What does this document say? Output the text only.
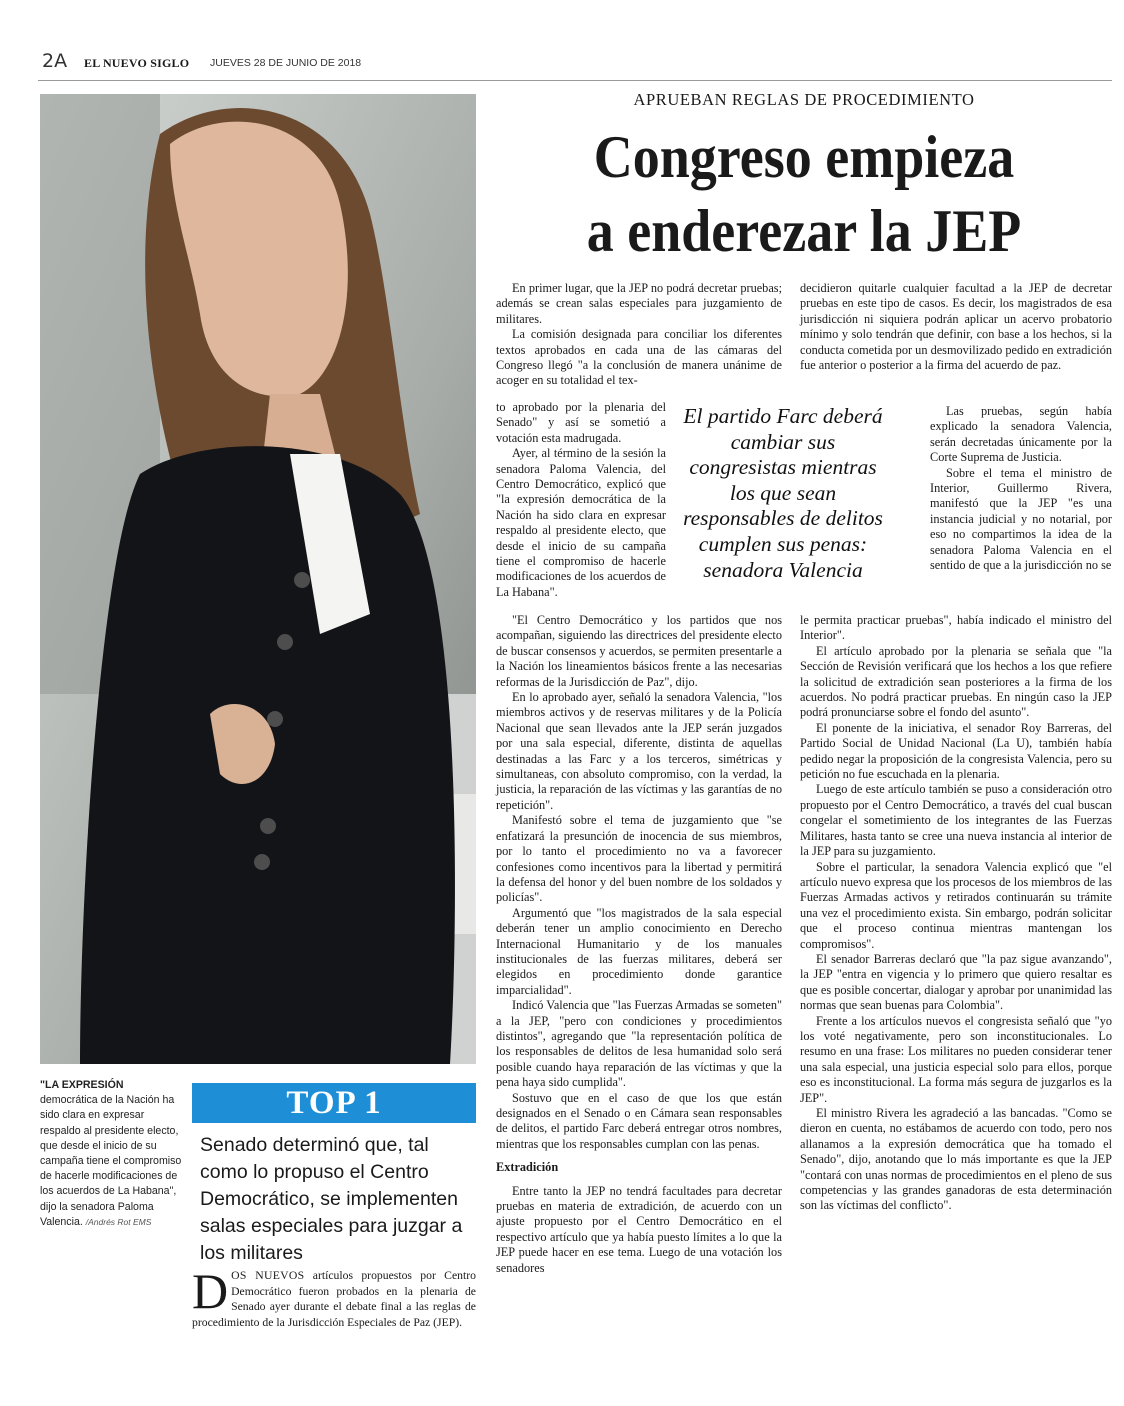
2A EL NUEVO SIGLO JUEVES 28 DE JUNIO DE 2018
"LA EXPRESIÓN
democrática de la Nación ha sido clara en expresar respaldo al presidente electo, que desde el inicio de su campaña tiene el compromiso de hacerle modificaciones de los acuerdos de La Habana", dijo la senadora Paloma Valencia. /Andrés Rot EMS
TOP 1
Senado determinó que, tal como lo propuso el Centro Democrático, se implementen salas especiales para juzgar a los militares
DOS NUEVOS artículos propuestos por Centro Democrático fueron probados en la plenaria de Senado ayer durante el debate final a las reglas de procedimiento de la Jurisdicción Especiales de Paz (JEP).
APRUEBAN REGLAS DE PROCEDIMIENTO
Congreso empieza
a enderezar la JEP

En primer lugar, que la JEP no podrá decretar pruebas; además se crean salas especiales para juzgamiento de militares.

La comisión designada para conciliar los diferentes textos aprobados en cada una de las cámaras del Congreso llegó "a la conclusión de manera unánime de acoger en su totalidad el tex-

to aprobado por la plenaria del Senado" y así se sometió a votación esta madrugada.

Ayer, al término de la sesión la senadora Paloma Valencia, del Centro Democrático, explicó que "la expresión democrática de la Nación ha sido clara en expresar respaldo al presidente electo, que desde el inicio de su campaña tiene el compromiso de hacerle modificaciones de los acuerdos de La Habana".

"El Centro Democrático y los partidos que nos acompañan, siguiendo las directrices del presidente electo de buscar consensos y acuerdos, se permiten presentarle a la Nación los lineamientos básicos frente a las necesarias reformas de la Jurisdicción de Paz", dijo.

En lo aprobado ayer, señaló la senadora Valencia, "los miembros activos y de reservas militares y de la Policía Nacional que sean llevados ante la JEP serán juzgados por una sala especial, diferente, distinta de aquellas destinadas a las Farc y a los terceros, simétricas y simultaneas, con absoluto compromiso, con la verdad, la justicia, la reparación de las víctimas y las garantías de no repetición".

Manifestó sobre el tema de juzgamiento que "se enfatizará la presunción de inocencia de sus miembros, por lo tanto el procedimiento no va a favorecer confesiones como incentivos para la libertad y permitirá la defensa del honor y del buen nombre de los soldados y policías".

Argumentó que "los magistrados de la sala especial deberán tener un amplio conocimiento en Derecho Internacional Humanitario y de los manuales institucionales de las fuerzas militares, deberá ser elegidos en procedimiento donde garantice imparcialidad".

Indicó Valencia que "las Fuerzas Armadas se someten" a la JEP, "pero con condiciones y procedimientos distintos", agregando que "la representación política de los responsables de delitos de lesa humanidad solo será posible cuando haya reparación de las víctimas y que la pena haya sido cumplida".

Sostuvo que en el caso de que los que están designados en el Senado o en Cámara sean responsables de delitos, el partido Farc deberá entregar otros nombres, mientras que los responsables cumplan con las penas.

Extradición

Entre tanto la JEP no tendrá facultades para decretar pruebas en materia de extradición, de acuerdo con un ajuste propuesto por el Centro Democrático en el respectivo artículo que ya había puesto límites a lo que la JEP puede hacer en ese tema. Luego de una votación los senadores

El partido Farc deberá cambiar sus congresistas mientras los que sean responsables de delitos cumplen sus penas: senadora Valencia

decidieron quitarle cualquier facultad a la JEP de decretar pruebas en este tipo de casos. Es decir, los magistrados de esa jurisdicción ni siquiera podrán aplicar un acervo probatorio mínimo y solo tendrán que definir, con base a los hechos, si la conducta cometida por un desmovilizado pedido en extradición fue anterior o posterior a la firma del acuerdo de paz.

Las pruebas, según había explicado la senadora Valencia, serán decretadas únicamente por la Corte Suprema de Justicia.

Sobre el tema el ministro de Interior, Guillermo Rivera, manifestó que la JEP "es una instancia judicial y no notarial, por eso no compartimos la idea de la senadora Paloma Valencia en el sentido de que a la jurisdicción no se

le permita practicar pruebas", había indicado el ministro del Interior".

El artículo aprobado por la plenaria se señala que "la Sección de Revisión verificará que los hechos a los que refiere la solicitud de extradición sean posteriores a la firma de los acuerdos. No podrá practicar pruebas. En ningún caso la JEP podrá pronunciarse sobre el fondo del asunto".

El ponente de la iniciativa, el senador Roy Barreras, del Partido Social de Unidad Nacional (La U), también había pedido negar la proposición de la congresista Valencia, pero su petición no fue escuchada en la plenaria.

Luego de este artículo también se puso a consideración otro propuesto por el Centro Democrático, a través del cual buscan congelar el sometimiento de los integrantes de las Fuerzas Militares, hasta tanto se cree una nueva instancia al interior de la JEP para su juzgamiento.

Sobre el particular, la senadora Valencia explicó que "el artículo nuevo expresa que los procesos de los miembros de las Fuerzas Armadas activos y retirados continuarán su trámite una vez el procedimiento exista. Sin embargo, podrán solicitar que el proceso continua mientras mantengan los compromisos".

El senador Barreras declaró que "la paz sigue avanzando", la JEP "entra en vigencia y lo primero que quiero resaltar es que es posible concertar, dialogar y aprobar por unanimidad las normas que sean buenas para Colombia".

Frente a los artículos nuevos el congresista señaló que "yo los voté negativamente, pero son inconstitucionales. Lo resumo en una frase: Los militares no pueden considerar tener una sala especial, una justicia especial solo para ellos, porque eso es inconstitucional. La forma más segura de juzgarlos es la JEP".

El ministro Rivera les agradeció a las bancadas. "Como se dieron en cuenta, no estábamos de acuerdo con todo, pero nos allanamos a la expresión democrática que ha tomado el Senado", dijo, anotando que lo más importante es que la JEP "contará con unas normas de procedimientos en el pleno de sus competencias y las grandes ganadoras de esta determinación son las víctimas del conflicto".
